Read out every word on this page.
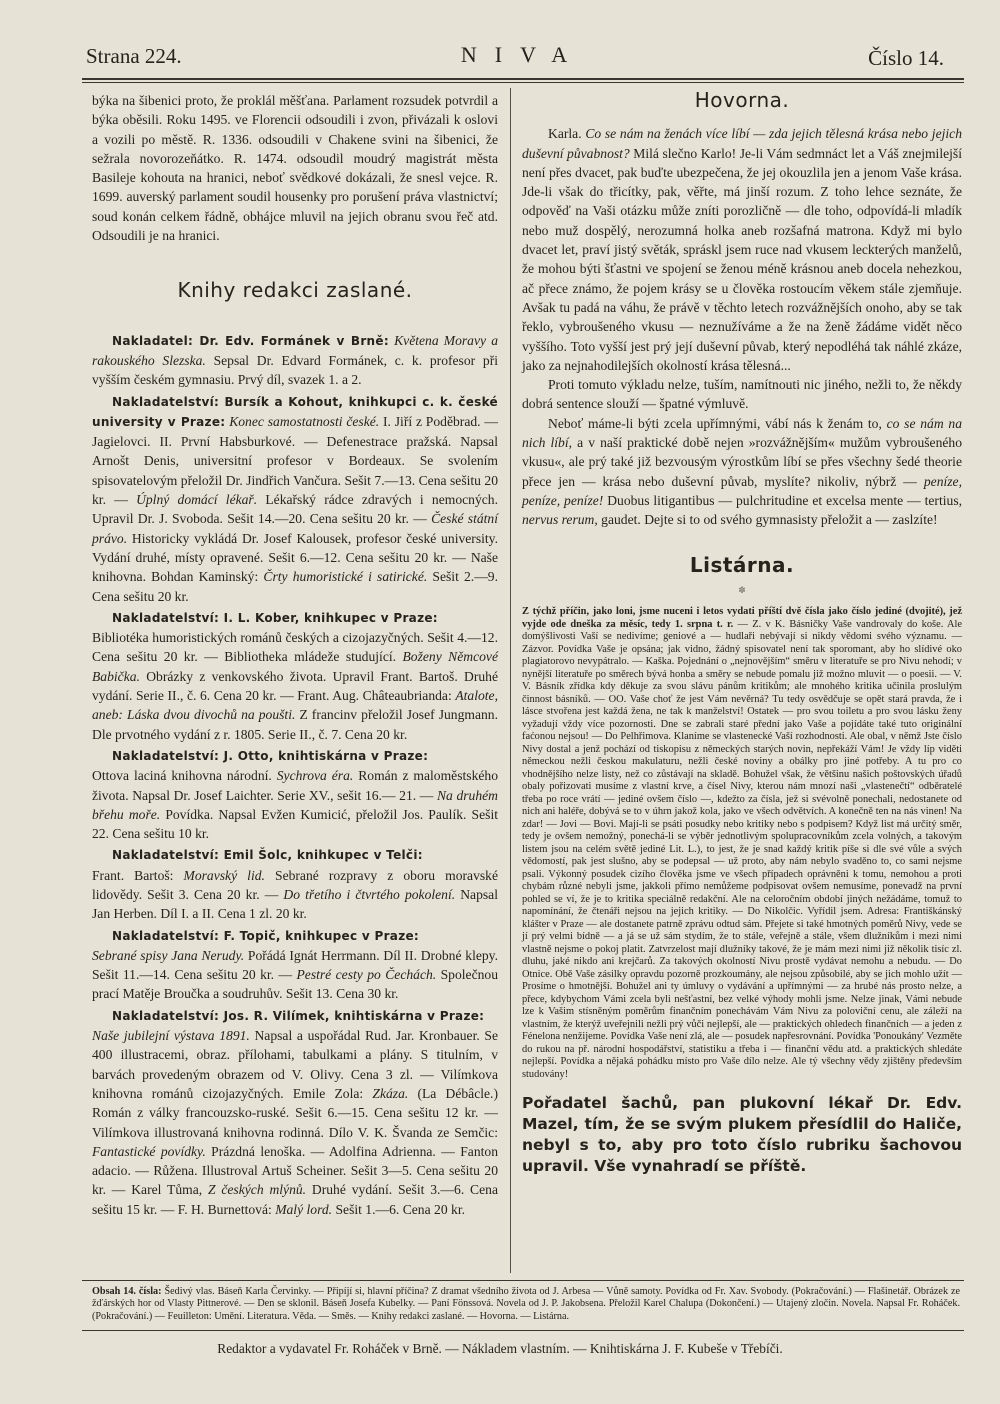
Strana 224.	NIVA	Číslo 14.

býka na šibenici proto, že proklál měšťana. Parlament rozsudek potvrdil a býka oběsili. Roku 1495. ve Florencii odsoudili i zvon, přivázali k oslovi a vozili po městě. R. 1336. odsoudili v Chakene svini na šibenici, že sežrala novorozeňátko. R. 1474. odsoudil moudrý magistrát města Basileje kohouta na hranici, neboť svědkové dokázali, že snesl vejce. R. 1699. auverský parlament soudil housenky pro porušení práva vlastnictví; soud konán celkem řádně, obhájce mluvil na jejich obranu svou řeč atd. Odsoudili je na hranici.

Knihy redakci zaslané.

Nakladatel: Dr. Edv. Formánek v Brně: Květena Moravy a rakouského Slezska. Sepsal Dr. Edvard Formánek, c. k. profesor při vyšším českém gymnasiu. Prvý díl, svazek 1. a 2.

Nakladatelství: Bursík a Kohout, knihkupci c. k. české university v Praze: Konec samostatnosti české. I. Jiří z Poděbrad. — Jagielovci. II. První Habsburkové. — Defenestrace pražská. Napsal Arnošt Denis, universitní profesor v Bordeaux. Se svolením spisovatelovým přeložil Dr. Jindřich Vančura. Sešit 7.—13. Cena sešitu 20 kr. — Úplný domácí lékař. Lékařský rádce zdravých i nemocných. Upravil Dr. J. Svoboda. Sešit 14.—20. Cena sešitu 20 kr. — České státní právo. Historicky vykládá Dr. Josef Kalousek, profesor české university. Vydání druhé, místy opravené. Sešit 6.—12. Cena sešitu 20 kr. — Naše knihovna. Bohdan Kaminský: Črty humoristické i satirické. Sešit 2.—9. Cena sešitu 20 kr.

Nakladatelství: I. L. Kober, knihkupec v Praze:
Bibliotéka humoristických románů českých a cizojazyčných. Sešit 4.—12. Cena sešitu 20 kr. — Bibliotheka mládeže studující. Boženy Němcové Babička. Obrázky z venkovského života. Upravil Frant. Bartoš. Druhé vydání. Serie II., č. 6. Cena 20 kr. — Frant. Aug. Châteaubrianda: Atalote, aneb: Láska dvou divochů na poušti. Z francinv přeložil Josef Jungmann. Dle prvotného vydání z r. 1805. Serie II., č. 7. Cena 20 kr.

Nakladatelství: J. Otto, knihtiskárna v Praze:
Ottova laciná knihovna národní. Sychrova éra. Román z maloměstského života. Napsal Dr. Josef Laichter. Serie XV., sešit 16.— 21. — Na druhém břehu moře. Povídka. Napsal Evžen Kumicić, přeložil Jos. Paulík. Sešit 22. Cena sešitu 10 kr.

Nakladatelství: Emil Šolc, knihkupec v Telči:
Frant. Bartoš: Moravský lid. Sebrané rozpravy z oboru moravské lidovědy. Sešit 3. Cena 20 kr. — Do třetího i čtvrtého pokolení. Napsal Jan Herben. Díl I. a II. Cena 1 zl. 20 kr.

Nakladatelství: F. Topič, knihkupec v Praze:
Sebrané spisy Jana Nerudy. Pořádá Ignát Herrmann. Díl II. Drobné klepy. Sešit 11.—14. Cena sešitu 20 kr. — Pestré cesty po Čechách. Společnou prací Matěje Broučka a soudruhův. Sešit 13. Cena 30 kr.

Nakladatelství: Jos. R. Vilímek, knihtiskárna v Praze:
Naše jubilejní výstava 1891. Napsal a uspořádal Rud. Jar. Kronbauer. Se 400 illustracemi, obraz. přílohami, tabulkami a plány. S titulním, v barvách provedeným obrazem od V. Olivy. Cena 3 zl. — Vilímkova knihovna románů cizojazyčných. Emile Zola: Zkáza. (La Débâcle.) Román z války francouzsko-ruské. Sešit 6.—15. Cena sešitu 12 kr. — Vilímkova illustrovaná knihovna rodinná. Dílo V. K. Švanda ze Semčic: Fantastické povídky. Prázdná lenoška. — Adolfina Adrienna. — Fanton adacio. — Růžena. Illustroval Artuš Scheiner. Sešit 3—5. Cena sešitu 20 kr. — Karel Tůma, Z českých mlýnů. Druhé vydání. Sešit 3.—6. Cena sešitu 15 kr. — F. H. Burnettová: Malý lord. Sešit 1.—6. Cena 20 kr.

Hovorna.

Karla. Co se nám na ženách více líbí — zda jejich tělesná krása nebo jejich duševní půvabnost? Milá slečno Karlo! Je-li Vám sedmnáct let a Váš znejmilejší není přes dvacet, pak buďte ubezpečena, že jej okouzlila jen a jenom Vaše krása. Jde-li však do třicítky, pak, věřte, má jinší rozum. Z toho lehce seznáte, že odpověď na Vaši otázku může zníti porozličně — dle toho, odpovídá-li mladík nebo muž dospělý, nerozumná holka aneb rozšafná matrona. Když mi bylo dvacet let, praví jistý světák, spráskl jsem ruce nad vkusem leckterých manželů, že mohou býti šťastni ve spojení se ženou méně krásnou aneb docela nehezkou, ač přece známo, že pojem krásy se u člověka rostoucím věkem stále zjemňuje. Avšak tu padá na váhu, že právě v těchto letech rozvážnějších onoho, aby se tak řeklo, vybroušeného vkusu — neznužíváme a že na ženě žádáme vidět něco vyššího. Toto vyšší jest prý její duševní půvab, který nepodléhá tak náhlé zkáze, jako za nejnahodilejších okolností krása tělesná...

Proti tomuto výkladu nelze, tuším, namítnouti nic jiného, nežli to, že někdy dobrá sentence slouží — špatné výmluvě.

Neboť máme-li býti zcela upřímnými, vábí nás k ženám to, co se nám na nich líbí, a v naší praktické době nejen »rozvážnějším« mužům vybroušeného vkusu«, ale prý také již bezvousým výrostkům líbí se přes všechny šedé theorie přece jen — krása nebo duševní půvab, myslíte? nikoliv, nýbrž — peníze, peníze, peníze! Duobus litigantibus — pulchritudine et excelsa mente — tertius, nervus rerum, gaudet. Dejte si to od svého gymnasisty přeložit a — zaslzíte!

Listárna.
✽

Z týchž příčin, jako loni, jsme nuceni i letos vydati příští dvě čísla jako číslo jediné (dvojité), jež vyjde ode dneška za měsíc, tedy 1. srpna t. r. — Z. v K. Básničky Vaše vandrovaly do koše. Ale domýšlivosti Vaší se nedivíme; geniové a — hudlaři nebývají si nikdy vědomi svého významu. — Zázvor. Povídka Vaše je opsána; jak vidno, žádný spisovatel není tak sporomant, aby ho slídivé oko plagiatorovo nevypátralo. — Kaška. Pojednání o „nejnovějším“ směru v literatuře se pro Nivu nehodí; v nynější literatuře po směrech bývá honba a směry se nebude pomalu již možno mluvit — o poesii. — V. V. Básník zřídka kdy děkuje za svou slávu pánům kritikům; ale mnohého kritika učinila proslulým činnost básníků. — OO. Vaše choť že jest Vám nevěrná? Tu tedy osvědčuje se opět stará pravda, že i lásce stvořena jest každá žena, ne tak k manželství! Ostatek — pro svou toiletu a pro svou lásku ženy vyžadují vždy více pozornosti. Dne se zabrali staré přední jako Vaše a pojídáte také tuto originální faćonou nejsou! — Do Pelhřimova. Klaníme se vlastenecké Vaší rozhodnosti. Ale obal, v němž Jste číslo Nivy dostal a jenž pochází od tiskopisu z německých starých novin, nepřekáží Vám! Je vždy líp viděti německou nežli českou makulaturu, nežli české noviny a obálky pro jiné potřeby. A tu pro co vhodnějšího nelze listy, než co zůstávají na skladě. Bohužel však, že většinu našich poštovských úřadů obaly pořizovati musíme z vlastní krve, a čísel Nivy, kterou nám mnozí naši „vlastenečtí“ odběratelé třeba po roce vrátí — jediné ovšem číslo —, kdežto za čísla, jež si svévolně ponechali, nedostanete od nich ani haléře, dobývá se to v úhrn jakož kola, jako ve všech odvětvích. A konečně ten na nás vinen! Na zdar! — Jovi — Bovi. Mají-li se psáti posudky nebo kritiky nebo s podpisem? Když list má určitý směr, tedy je ovšem nemožný, ponechá-li se výběr jednotlivým spolupracovníkům zcela volných, a takovým listem jsou na celém světě jediné Lit. L.), to jest, že je snad každý kritik píše si dle své vůle a svých vědomostí, pak jest slušno, aby se podepsal — už proto, aby nám nebylo svaděno to, co sami nejsme psali. Výkonný posudek cizího člověka jsme ve všech případech oprávněni k tomu, nemohou a proti chybám různé nebyli jsme, jakkoli přímo nemůžeme podpisovat ovšem nemusíme, ponevadž na první pohled se ví, že je to kritika speciálně redakční. Ale na celoročním období jiných nežádáme, tomuž to napomínání, že čtenáři nejsou na jejich kritiky. — Do Nikolčic. Vyřídil jsem. Adresa: Františkánský klášter v Praze — ale dostanete patrně zprávu odtud sám. Přejete si také hmotných poměrů Nivy, vede se jí prý velmi bídně — a já se už sám stydím, že to stále, veřejně a stále, všem dlužníkům i mezi nimi vlastně nejsme o pokoj platit. Zatvrzelost mají dlužníky takové, že je mám mezi nimi již několik tisíc zl. dluhu, jaké nikdo ani krejčarů. Za takových okolností Nivu prostě vydávat nemohu a nebudu. — Do Otnice. Obě Vaše zásilky opravdu pozorně prozkoumány, ale nejsou způsobilé, aby se jich mohlo užít — Prosíme o hmotnější. Bohužel ani ty úmluvy o vydávání a upřímnými — za hrubé nás prosto nelze, a přece, kdybychom Vámi zcela byli nešťastní, bez velké výhody mohli jsme. Nelze jinak, Vámi nebude lze k Vašim stísněným poměrům finančním ponechávám Vám Nivu za poloviční cenu, ale záleží na vlastním, že kterýž uveřejnili nežli prý vůči nejlepší, ale — praktických ohledech finančních — a jeden z Fénelona nenžijeme. Povídka Vaše není zlá, ale — posudek napřesrovnání. Povídka 'Ponoukány' Vezměte do rukou na př. národní hospodářství, statistiku a třeba i — finanční vědu atd. a praktických shledáte nejlepší. Povídka a nějaká pohádku místo pro Vaše dílo nelze. Ale tý všechny vědy zjištěny především studovány!

Pořadatel šachů, pan plukovní lékař Dr. Edv. Mazel, tím, že se svým plukem přesídlil do Haliče, nebyl s to, aby pro toto číslo rubriku šachovou upravil. Vše vynahradí se příště.

Obsah 14. čísla: Šedivý vlas. Báseň Karla Červinky. — Připíjí si, hlavní příčina? Z dramat všedního života od J. Arbesa — Vůně samoty. Povídka od Fr. Xav. Svobody. (Pokračování.) — Flašinetář. Obrázek ze žďárských hor od Vlasty Pittnerové. — Den se sklonil. Báseň Josefa Kubelky. — Paní Fönssová. Novela od J. P. Jakobsena. Přeložil Karel Chalupa (Dokončení.) — Utajený zločin. Novela. Napsal Fr. Roháček. (Pokračování.) — Feuilleton: Umění. Literatura. Věda. — Směs. — Knihy redakci zaslané. — Hovorna. — Listárna.

Redaktor a vydavatel Fr. Roháček v Brně. — Nákladem vlastním. — Knihtiskárna J. F. Kubeše v Třebíči.
